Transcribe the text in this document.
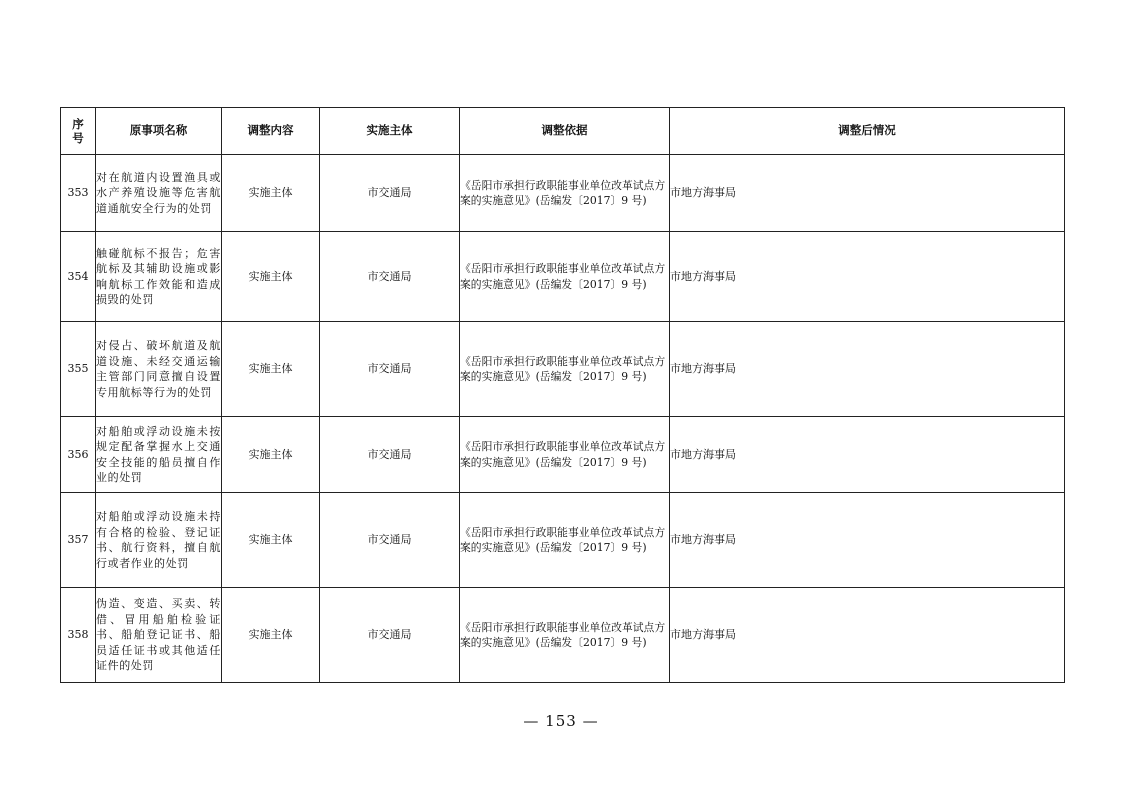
序
号	原事项名称	调整内容	实施主体	调整依据	调整后情况
353	对在航道内设置渔具或水产养殖设施等危害航道通航安全行为的处罚	实施主体	市交通局	《岳阳市承担行政职能事业单位改革试点方案的实施意见》(岳编发〔2017〕9 号)	市地方海事局
354	触碰航标不报告；危害航标及其辅助设施或影响航标工作效能和造成损毁的处罚	实施主体	市交通局	《岳阳市承担行政职能事业单位改革试点方案的实施意见》(岳编发〔2017〕9 号)	市地方海事局
355	对侵占、破坏航道及航道设施、未经交通运输主管部门同意擅自设置专用航标等行为的处罚	实施主体	市交通局	《岳阳市承担行政职能事业单位改革试点方案的实施意见》(岳编发〔2017〕9 号)	市地方海事局
356	对船舶或浮动设施未按规定配备掌握水上交通安全技能的船员擅自作业的处罚	实施主体	市交通局	《岳阳市承担行政职能事业单位改革试点方案的实施意见》(岳编发〔2017〕9 号)	市地方海事局
357	对船舶或浮动设施未持有合格的检验、登记证书、航行资料，擅自航行或者作业的处罚	实施主体	市交通局	《岳阳市承担行政职能事业单位改革试点方案的实施意见》(岳编发〔2017〕9 号)	市地方海事局
358	伪造、变造、买卖、转借、冒用船舶检验证书、船舶登记证书、船员适任证书或其他适任证件的处罚	实施主体	市交通局	《岳阳市承担行政职能事业单位改革试点方案的实施意见》(岳编发〔2017〕9 号)	市地方海事局
— 153 —
